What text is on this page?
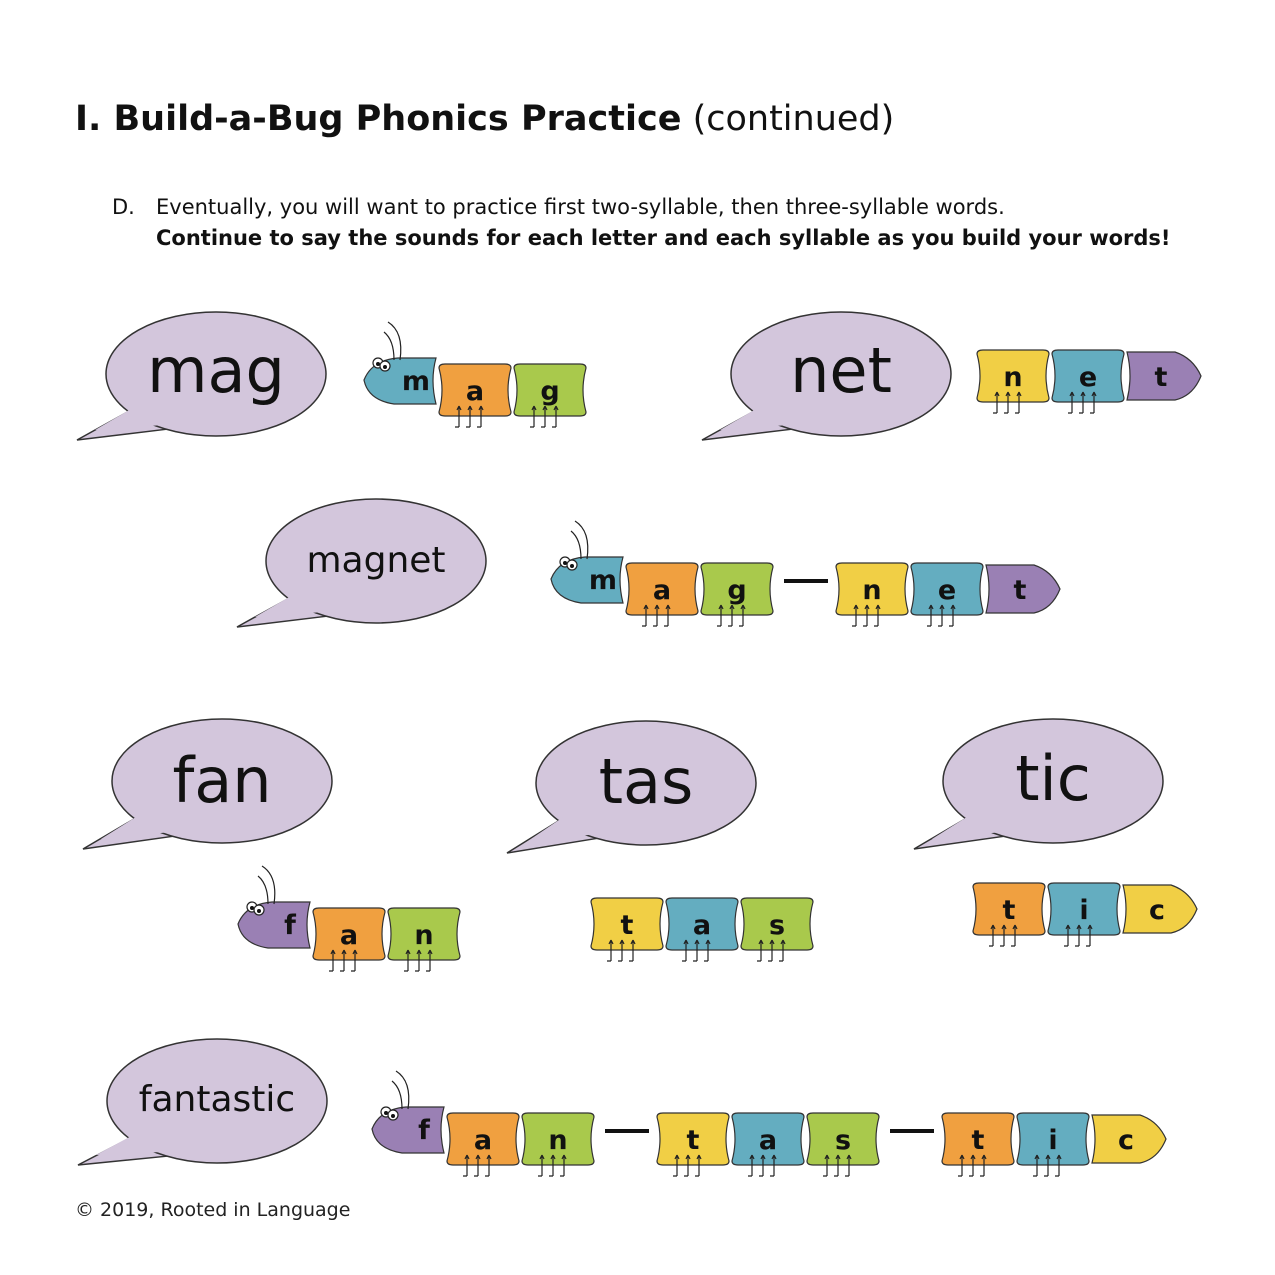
I. Build-a-Bug Phonics Practice (continued)
D. Eventually, you will want to practice first two-syllable, then three-syllable words.
Continue to say the sounds for each letter and each syllable as you build your words!
mag	net
magnet
fan	tas	tic
fantastic
m a g	n e t
m a g	n e t
f a n	t a s	t i c
f a n	t a s	t i c
© 2019, Rooted in Language
